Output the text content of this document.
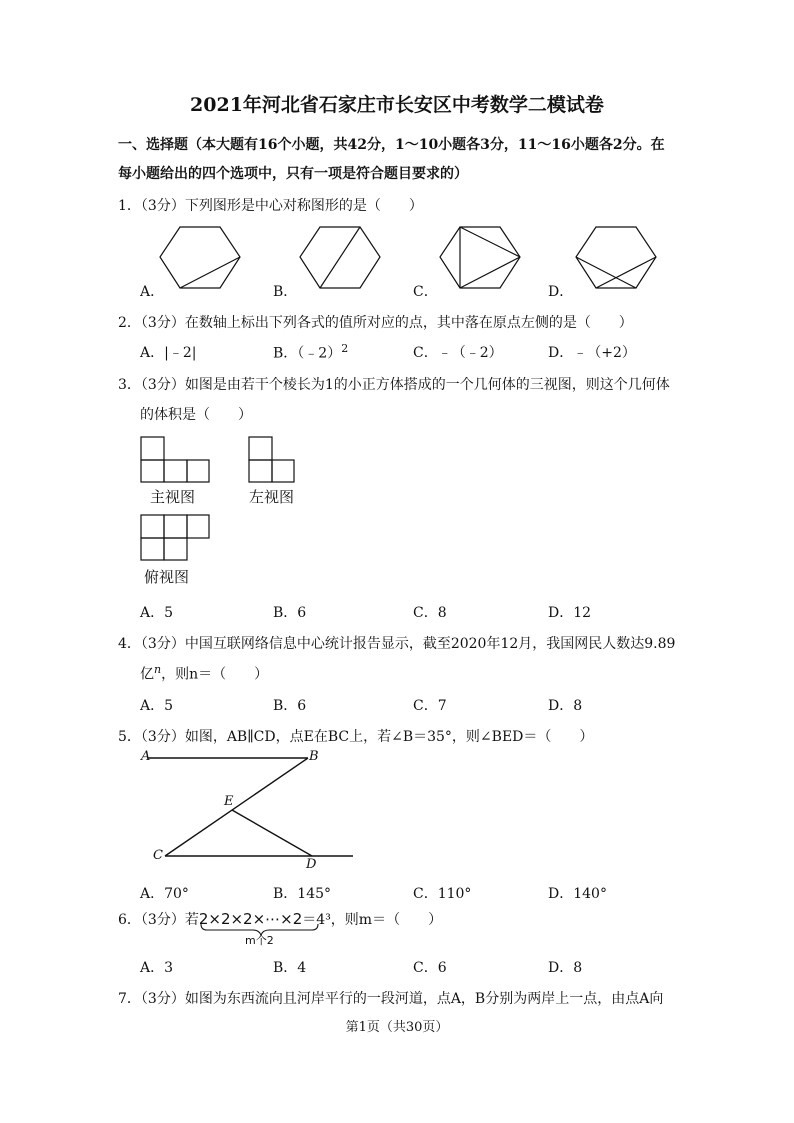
2021年河北省石家庄市长安区中考数学二模试卷
一、选择题（本大题有16个小题，共42分，1～10小题各3分，11～16小题各2分。在
每小题给出的四个选项中，只有一项是符合题目要求的）
1．（3分）下列图形是中心对称图形的是（　　）
A．	B．	C．	D．
2．（3分）在数轴上标出下列各式的值所对应的点，其中落在原点左侧的是（　　）
A．|﹣2|	B．（﹣2）$^2$	C．﹣（﹣2）	D．﹣（+2）
3．（3分）如图是由若干个棱长为1的小正方体搭成的一个几何体的三视图，则这个几何体
的体积是（　　）
主视图	左视图
俯视图
A．5	B．6	C．8	D．12
4．（3分）中国互联网络信息中心统计报告显示，截至2020年12月，我国网民人数达9.89
亿$^n$，则n＝（　　）
A．5	B．6	C．7	D．8
5．（3分）如图，AB∥CD，点E在BC上，若∠B＝35°，则∠BED＝（　　）
A	B
E
C
D
A．70°	B．145°	C．110°	D．140°
6．（3分）若2×2×2×⋯×2＝4³，则m＝（　　）
m个2
A．3	B．4	C．6	D．8
7．（3分）如图为东西流向且河岸平行的一段河道，点A，B分别为两岸上一点，由点A向
第1页（共30页）
